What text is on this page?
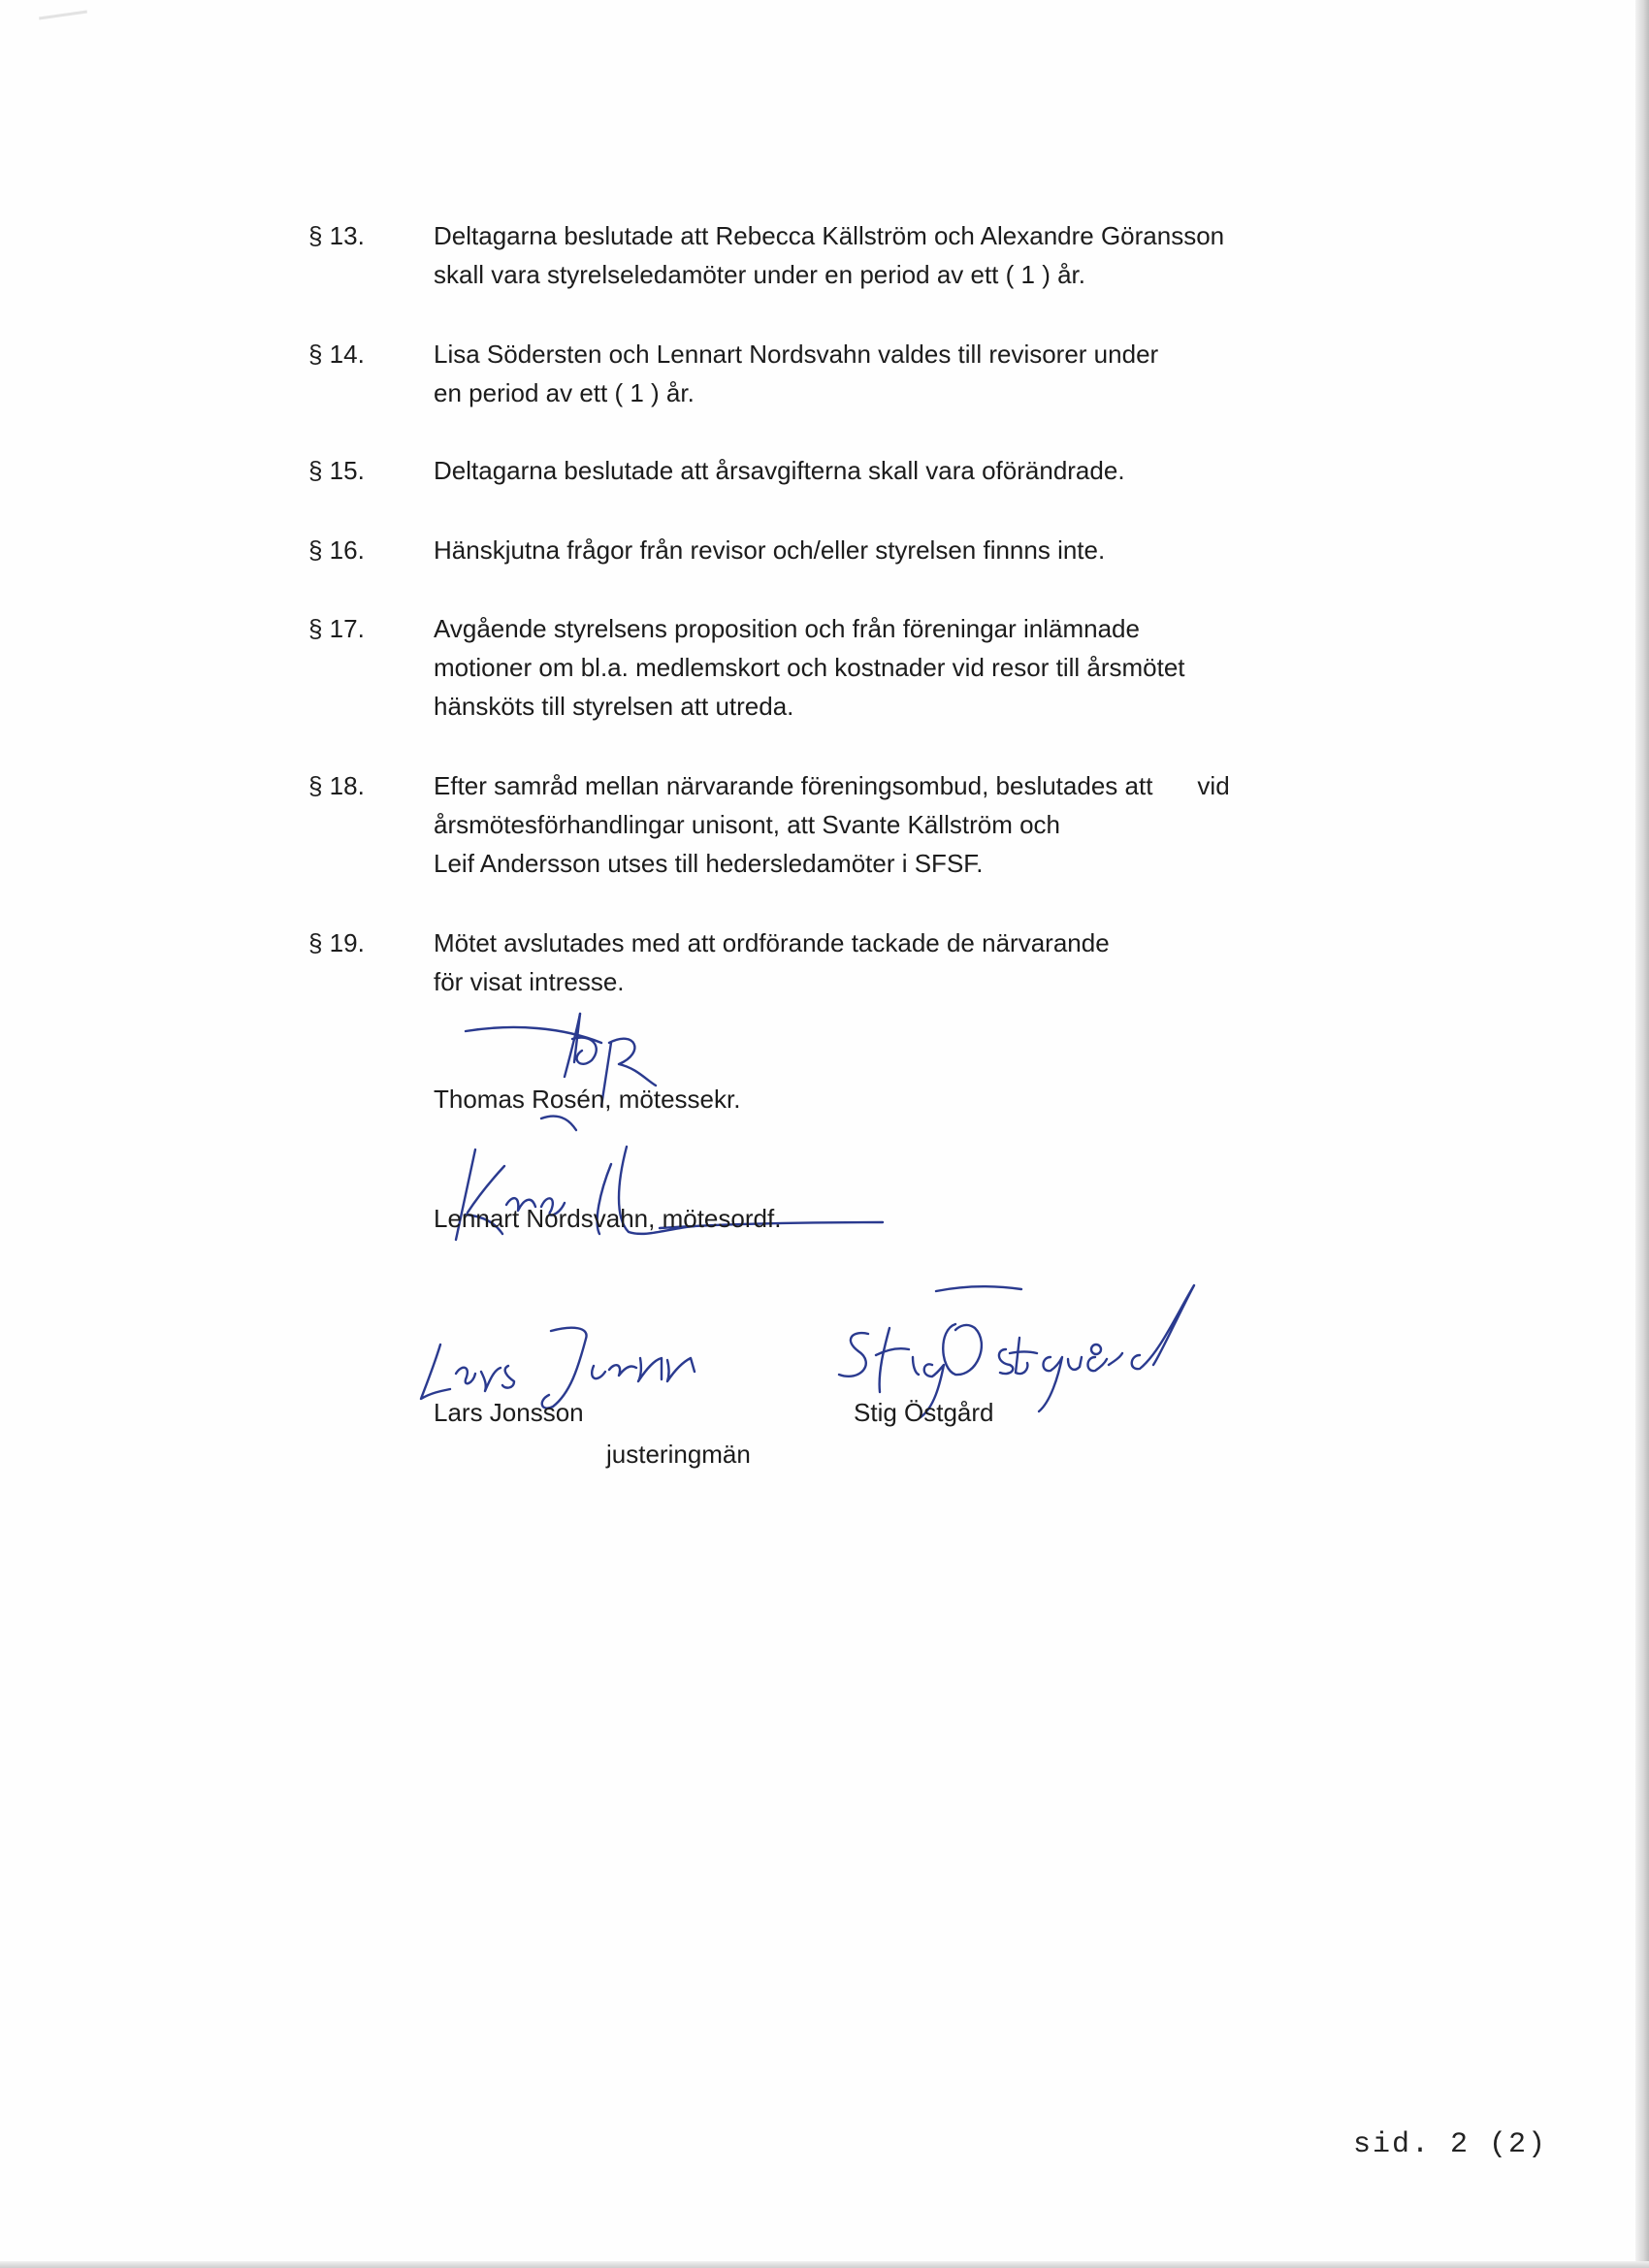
§ 13.	Deltagarna beslutade att Rebecca Källström och Alexandre Göransson
skall vara styrelseledamöter under en period av ett ( 1 ) år.
§ 14.	Lisa Södersten och Lennart Nordsvahn valdes till revisorer under
en period av ett ( 1 ) år.
§ 15.	Deltagarna beslutade att årsavgifterna skall vara oförändrade.
§ 16.	Hänskjutna frågor från revisor och/eller styrelsen finnns inte.
§ 17.	Avgående styrelsens proposition och från föreningar inlämnade
motioner om bl.a. medlemskort och kostnader vid resor till årsmötet
hänsköts till styrelsen att utreda.
§ 18.	Efter samråd mellan närvarande föreningsombud, beslutades att vid
årsmötesförhandlingar unisont, att Svante Källström och
Leif Andersson utses till hedersledamöter i SFSF.
§ 19.	Mötet avslutades med att ordförande tackade de närvarande
för visat intresse.
Thomas Rosén, mötessekr.
Lennart Nordsvahn, mötesordf.
Lars Jonsson	Stig Östgård
justeringmän
sid. 2 (2)
